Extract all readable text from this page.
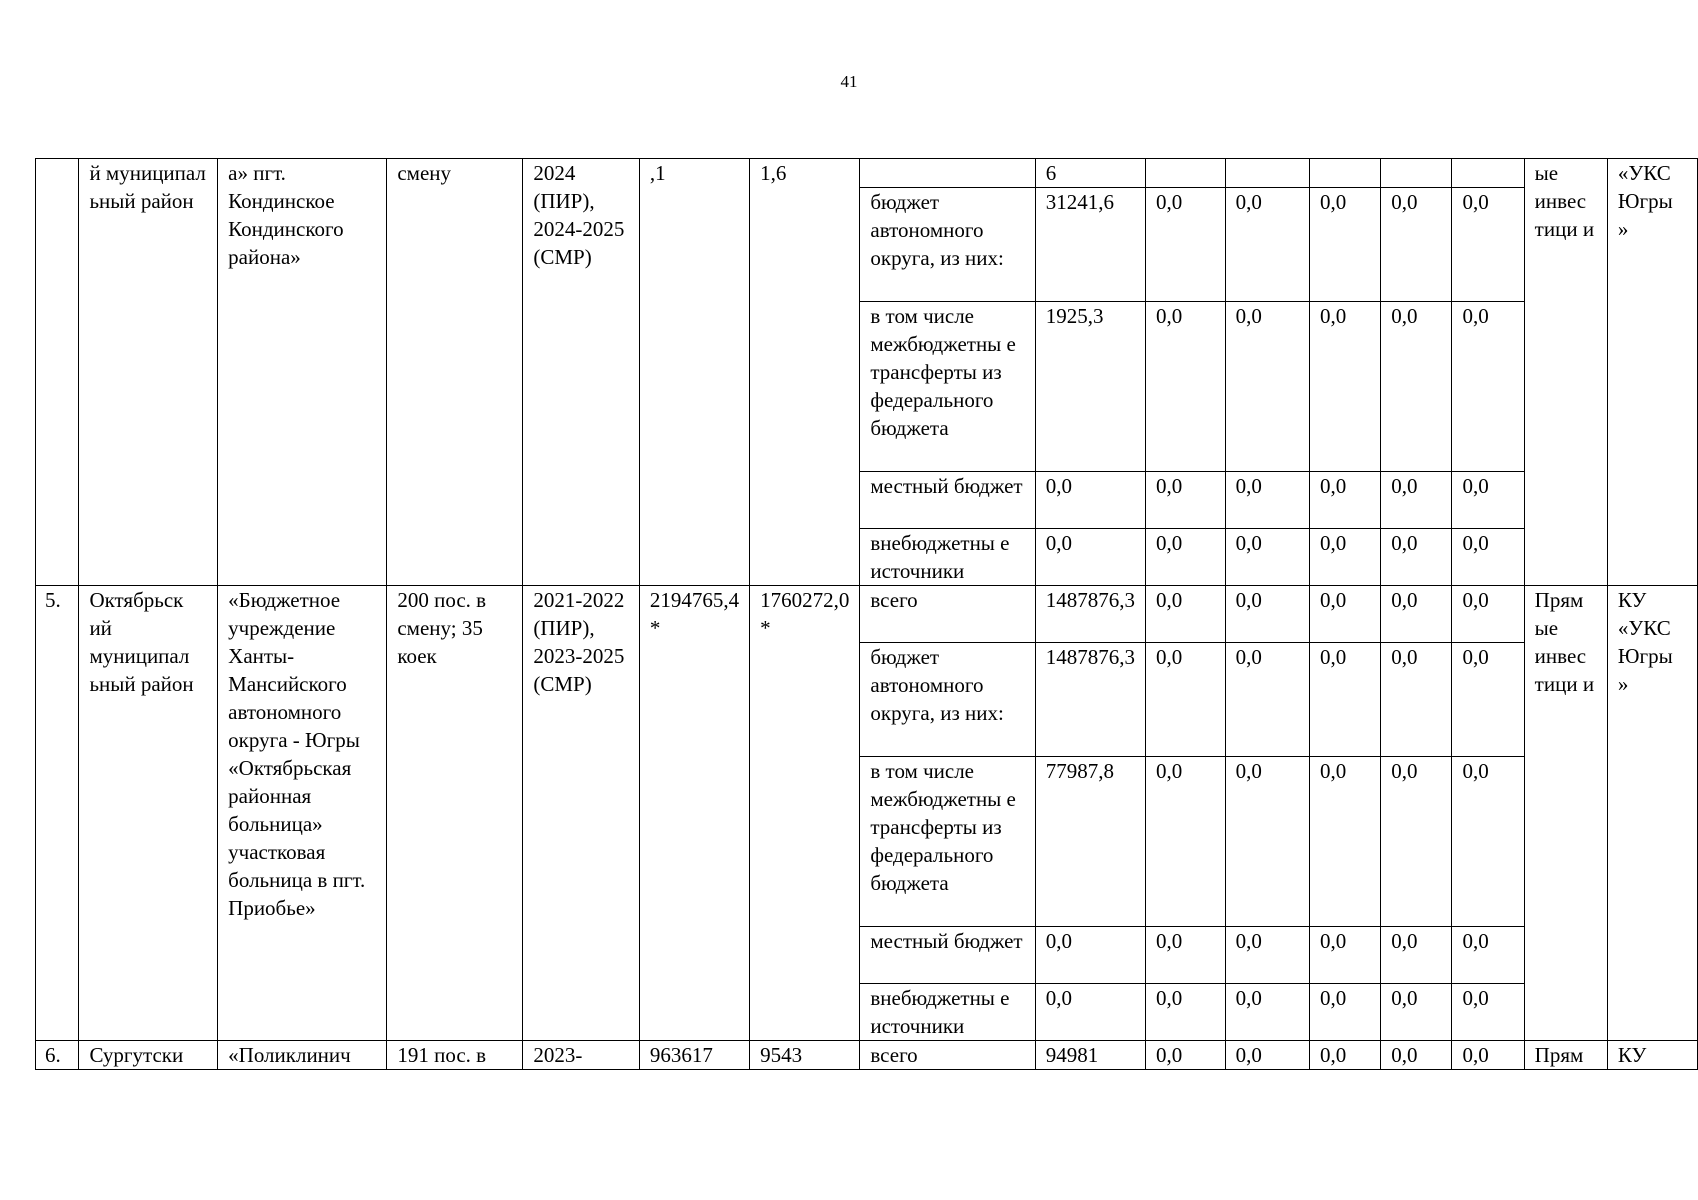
41
	й муниципал ьный район	а» пгт. Кондинское Кондинского района»	смену	2024 (ПИР), 2024-2025 (СМР)	,1	1,6		6						ые инвес тици и	«УКС Югры »
							бюджет автономного округа, из них:	31241,6	0,0	0,0	0,0	0,0	0,0		
							в том числе межбюджетны е трансферты из федерального бюджета	1925,3	0,0	0,0	0,0	0,0	0,0		
							местный бюджет	0,0	0,0	0,0	0,0	0,0	0,0		
							внебюджетны е источники	0,0	0,0	0,0	0,0	0,0	0,0		
5.	Октябрьск ий муниципал ьный район	«Бюджетное учреждение Ханты-Мансийского автономного округа - Югры «Октябрьская районная больница» участковая больница в пгт. Приобье»	200 пос. в смену; 35 коек	2021-2022 (ПИР), 2023-2025 (СМР)	2194765,4 *	1760272,0 *	всего	1487876,3	0,0	0,0	0,0	0,0	0,0	Прям ые инвес тици и	КУ «УКС Югры »
							бюджет автономного округа, из них:	1487876,3	0,0	0,0	0,0	0,0	0,0		
							в том числе межбюджетны е трансферты из федерального бюджета	77987,8	0,0	0,0	0,0	0,0	0,0		
							местный бюджет	0,0	0,0	0,0	0,0	0,0	0,0		
							внебюджетны е источники	0,0	0,0	0,0	0,0	0,0	0,0		
6.	Сургутски	«Поликлинич	191 пос. в	2023-	963617	9543	всего	94981	0,0	0,0	0,0	0,0	0,0	Прям	КУ
